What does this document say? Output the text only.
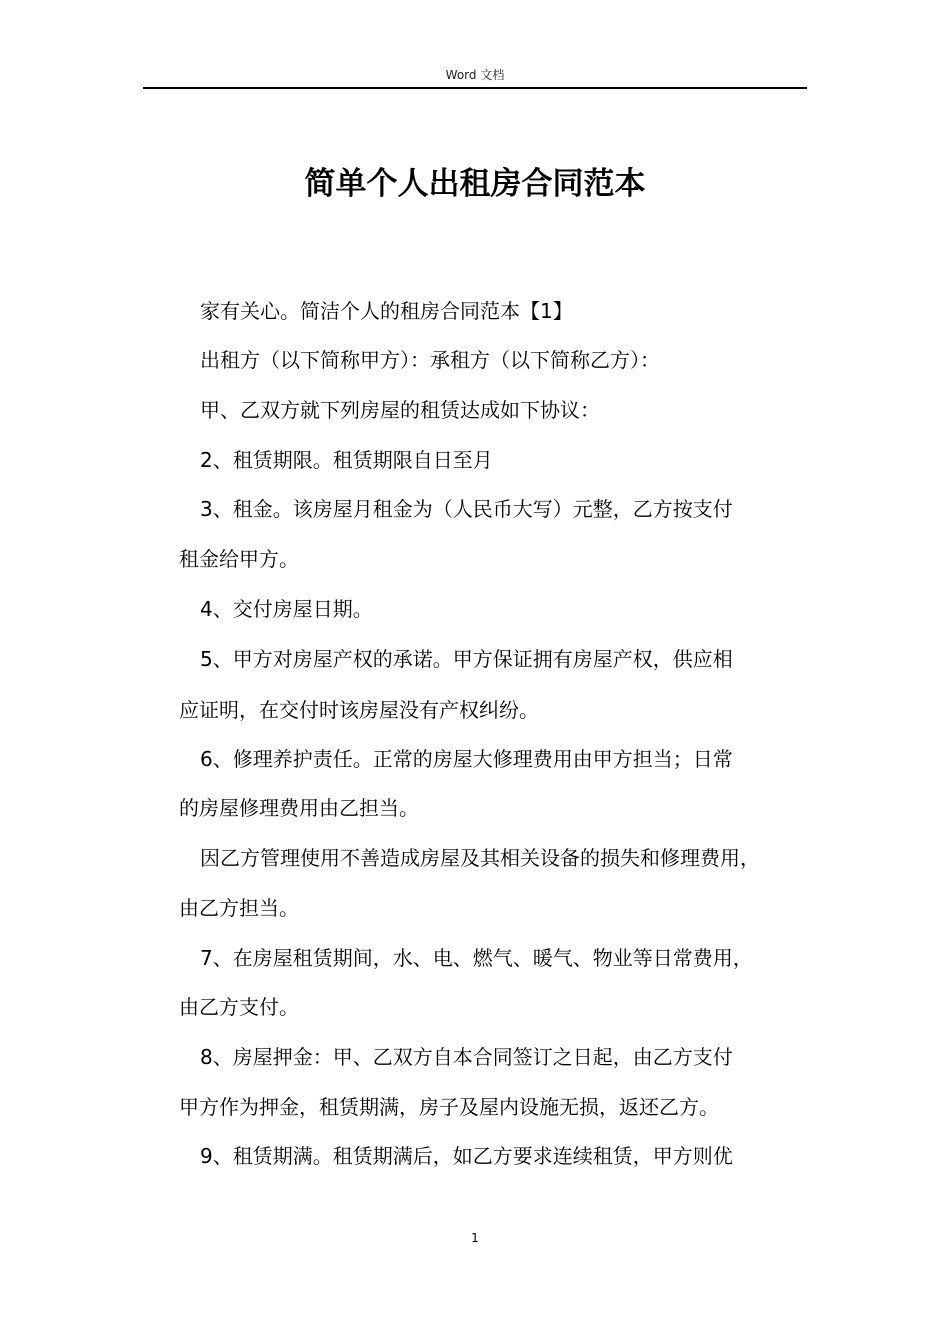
Word 文档
简单个人出租房合同范本
家有关心。简洁个人的租房合同范本【1】
出租方（以下简称甲方）：承租方（以下简称乙方）：
甲、乙双方就下列房屋的租赁达成如下协议：
2、租赁期限。租赁期限自日至月
3、租金。该房屋月租金为（人民币大写）元整，乙方按支付
租金给甲方。
4、交付房屋日期。
5、甲方对房屋产权的承诺。甲方保证拥有房屋产权，供应相
应证明，在交付时该房屋没有产权纠纷。
6、修理养护责任。正常的房屋大修理费用由甲方担当；日常
的房屋修理费用由乙担当。
因乙方管理使用不善造成房屋及其相关设备的损失和修理费用，
由乙方担当。
7、在房屋租赁期间，水、电、燃气、暖气、物业等日常费用，
由乙方支付。
8、房屋押金：甲、乙双方自本合同签订之日起，由乙方支付
甲方作为押金，租赁期满，房子及屋内设施无损，返还乙方。
9、租赁期满。租赁期满后，如乙方要求连续租赁，甲方则优
1
